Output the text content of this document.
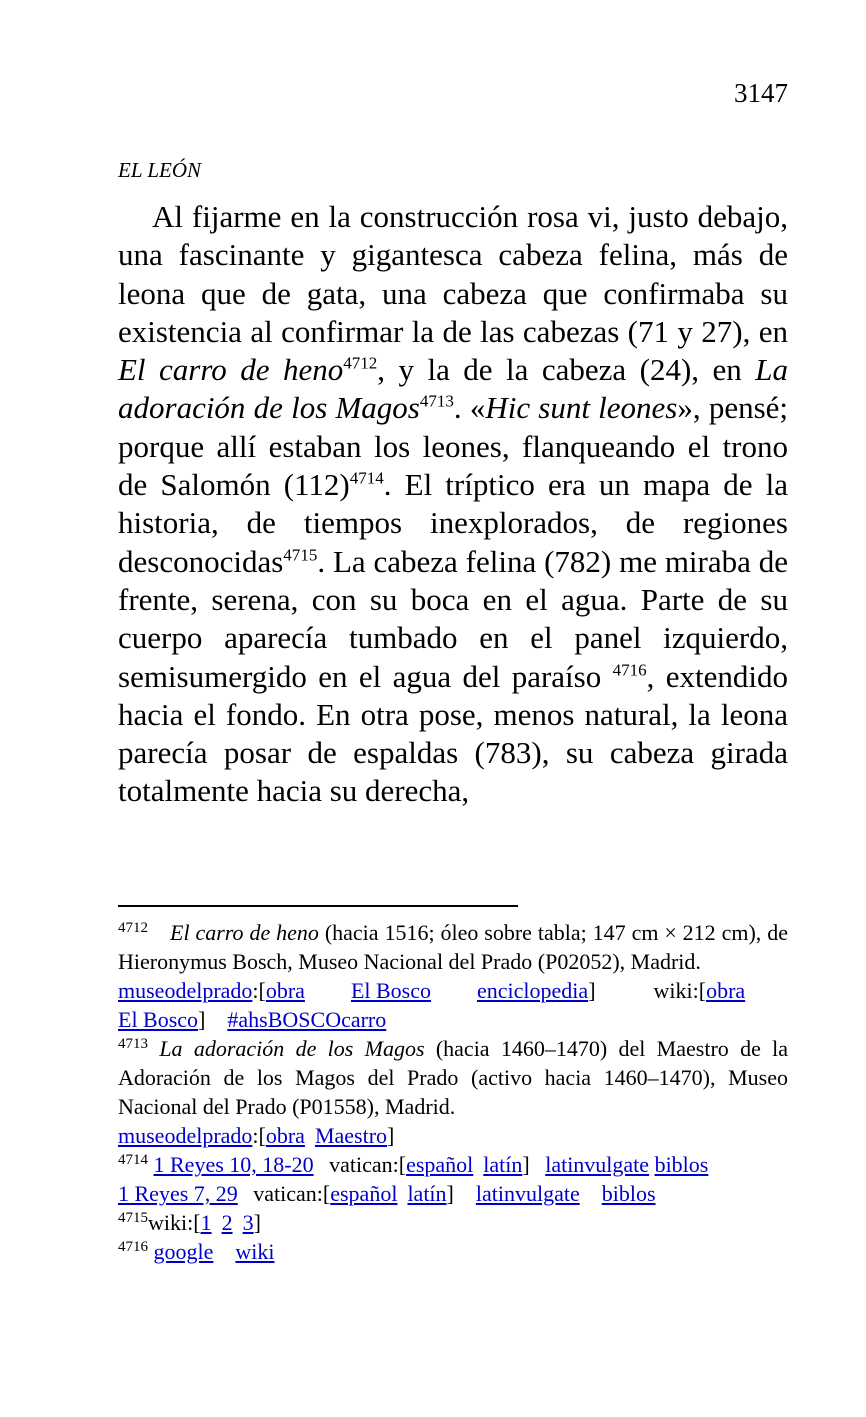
3147
EL LEÓN

Al fijarme en la construcción rosa vi, justo debajo, una fascinante y gigantesca cabeza felina, más de leona que de gata, una cabeza que confirmaba su existencia al confirmar la de las cabezas (71 y 27), en El carro de heno$^{4712}$, y la de la cabeza (24), en La adoración de los Magos$^{4713}$. «Hic sunt leones», pensé; porque allí estaban los leones, flanqueando el trono de Salomón $(112)^{4714}$. El tríptico era un mapa de la historia, de tiempos inexplorados, de regiones desconocidas$^{4715}$. La cabeza felina (782) me miraba de frente, serena, con su boca en el agua. Parte de su cuerpo aparecía tumbado en el panel izquierdo, semisumergido en el agua del paraíso $^{4716}$, extendido hacia el fondo. En otra pose, menos natural, la leona parecía posar de espaldas (783), su cabeza girada totalmente hacia su derecha,

$^{4712}$ El carro de heno (hacia 1516; óleo sobre tabla; 147 cm × 212 cm), de Hieronymus Bosch, Museo Nacional del Prado (P02052), Madrid.
museodelprado:[obra El Bosco enciclopedia]	wiki:[obra
El Bosco] #ahsBOSCOcarro
$^{4713}$ La adoración de los Magos (hacia 1460–1470) del Maestro de la Adoración de los Magos del Prado (activo hacia 1460–1470), Museo Nacional del Prado (P01558), Madrid.
museodelprado:[obra Maestro]
$^{4714}$ 1 Reyes 10, 18-20 vatican:[español latín] latinvulgate biblos
1 Reyes 7, 29 vatican:[español latín] latinvulgate biblos
$^{4715}$wiki:[1 2 3]
$^{4716}$ google wiki
